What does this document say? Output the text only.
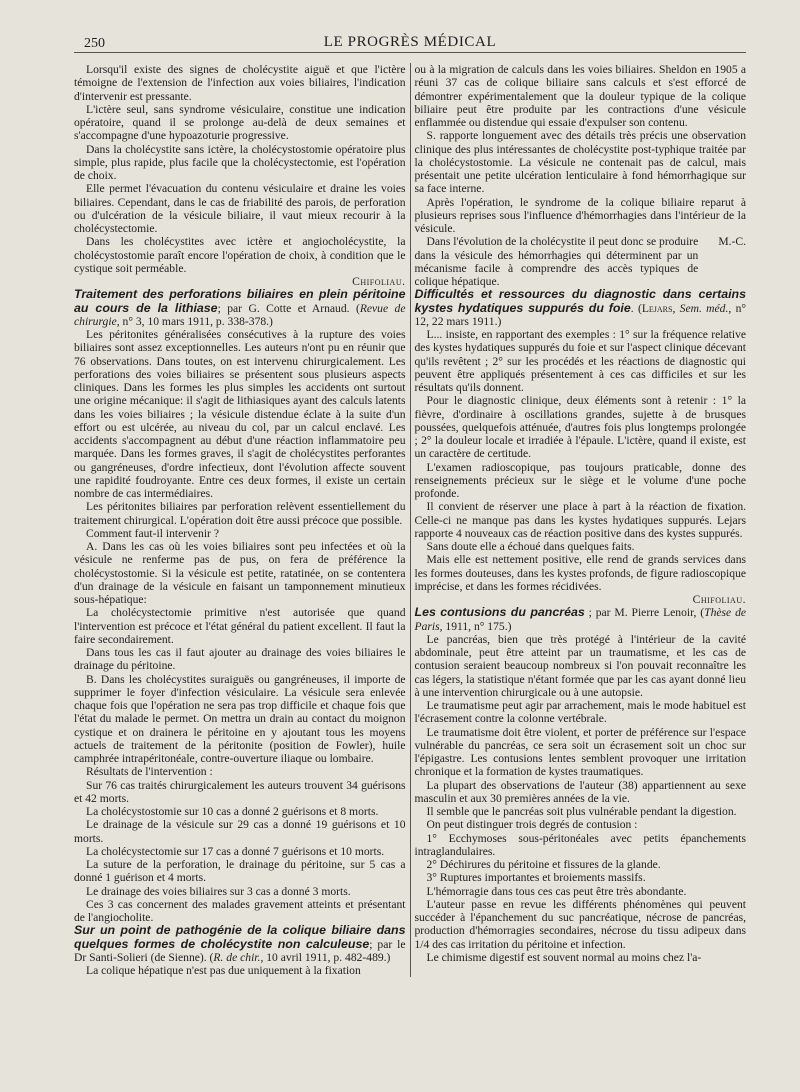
250	LE PROGRÈS MÉDICAL

Lorsqu'il existe des signes de cholécystite aiguë et que l'ictère témoigne de l'extension de l'infection aux voies biliaires, l'indication d'intervenir est pressante.

L'ictère seul, sans syndrome vésiculaire, constitue une indication opératoire, quand il se prolonge au-delà de deux semaines et s'accompagne d'une hypoazoturie progressive.

Dans la cholécystite sans ictère, la cholécystostomie opératoire plus simple, plus rapide, plus facile que la cholécystectomie, est l'opération de choix.

Elle permet l'évacuation du contenu vésiculaire et draine les voies biliaires. Cependant, dans le cas de friabilité des parois, de perforation ou d'ulcération de la vésicule biliaire, il vaut mieux recourir à la cholécystectomie.

Dans les cholécystites avec ictère et angiocholécystite, la cholécystostomie paraît encore l'opération de choix, à condition que le cystique soit perméable.

Chifoliau.

Traitement des perforations biliaires en plein péritoine au cours de la lithiase; par G. Cotte et Arnaud. (Revue de chirurgie, n° 3, 10 mars 1911, p. 338-378.)

Les péritonites généralisées consécutives à la rupture des voies biliaires sont assez exceptionnelles. Les auteurs n'ont pu en réunir que 76 observations. Dans toutes, on est intervenu chirurgicalement. Les perforations des voies biliaires se présentent sous plusieurs aspects cliniques. Dans les formes les plus simples les accidents ont surtout une origine mécanique: il s'agit de lithiasiques ayant des calculs latents dans les voies biliaires ; la vésicule distendue éclate à la suite d'un effort ou est ulcérée, au niveau du col, par un calcul enclavé. Les accidents s'accompagnent au début d'une réaction inflammatoire peu marquée. Dans les formes graves, il s'agit de cholécystites perforantes ou gangréneuses, d'ordre infectieux, dont l'évolution affecte souvent une rapidité foudroyante. Entre ces deux formes, il existe un certain nombre de cas intermédiaires.

Les péritonites biliaires par perforation relèvent essentiellement du traitement chirurgical. L'opération doit être aussi précoce que possible.

Comment faut-il intervenir ?

A. Dans les cas où les voies biliaires sont peu infectées et où la vésicule ne renferme pas de pus, on fera de préférence la cholécystostomie. Si la vésicule est petite, ratatinée, on se contentera d'un drainage de la vésicule en faisant un tamponnement minutieux sous-hépatique:

La cholécystectomie primitive n'est autorisée que quand l'intervention est précoce et l'état général du patient excellent. Il faut la faire secondairement.

Dans tous les cas il faut ajouter au drainage des voies biliaires le drainage du péritoine.

B. Dans les cholécystites suraiguës ou gangréneuses, il importe de supprimer le foyer d'infection vésiculaire. La vésicule sera enlevée chaque fois que l'opération ne sera pas trop difficile et chaque fois que l'état du malade le permet. On mettra un drain au contact du moignon cystique et on drainera le péritoine en y ajoutant tous les moyens actuels de traitement de la péritonite (position de Fowler), huile camphrée intrapéritonéale, contre-ouverture iliaque ou lombaire.

Résultats de l'intervention :

Sur 76 cas traités chirurgicalement les auteurs trouvent 34 guérisons et 42 morts.

La cholécystostomie sur 10 cas a donné 2 guérisons et 8 morts.

Le drainage de la vésicule sur 29 cas a donné 19 guérisons et 10 morts.

La cholécystectomie sur 17 cas a donné 7 guérisons et 10 morts.

La suture de la perforation, le drainage du péritoine, sur 5 cas a donné 1 guérison et 4 morts.

Le drainage des voies biliaires sur 3 cas a donné 3 morts.

Ces 3 cas concernent des malades gravement atteints et présentant de l'angiocholite.

Sur un point de pathogénie de la colique biliaire dans quelques formes de cholécystite non calculeuse; par le Dr Santi-Solieri (de Sienne). (R. de chir., 10 avril 1911, p. 482-489.)

La colique hépatique n'est pas due uniquement à la fixation

ou à la migration de calculs dans les voies biliaires. Sheldon en 1905 a réuni 37 cas de colique biliaire sans calculs et s'est efforcé de démontrer expérimentalement que la douleur typique de la colique biliaire peut être produite par les contractions d'une vésicule enflammée ou distendue qui essaie d'expulser son contenu.

S. rapporte longuement avec des détails très précis une observation clinique des plus intéressantes de cholécystite post-typhique traitée par la cholécystostomie. La vésicule ne contenait pas de calcul, mais présentait une petite ulcération lenticulaire à fond hémorrhagique sur sa face interne.

Après l'opération, le syndrome de la colique biliaire reparut à plusieurs reprises sous l'influence d'hémorrhagies dans l'intérieur de la vésicule.

Dans l'évolution de la cholécystite il peut donc se produire dans la vésicule des hémorrhagies qui déterminent par un mécanisme facile à comprendre des accès typiques de colique hépatique.
M.-C.

Difficultés et ressources du diagnostic dans certains kystes hydatiques suppurés du foie. (Lejars, Sem. méd., n° 12, 22 mars 1911.)

L... insiste, en rapportant des exemples : 1° sur la fréquence relative des kystes hydatiques suppurés du foie et sur l'aspect clinique décevant qu'ils revêtent ; 2° sur les procédés et les réactions de diagnostic qui peuvent être appliqués présentement à ces cas difficiles et sur les résultats qu'ils donnent.

Pour le diagnostic clinique, deux éléments sont à retenir : 1° la fièvre, d'ordinaire à oscillations grandes, sujette à de brusques poussées, quelquefois atténuée, d'autres fois plus longtemps prolongée ; 2° la douleur locale et irradiée à l'épaule. L'ictère, quand il existe, est un caractère de certitude.

L'examen radioscopique, pas toujours praticable, donne des renseignements précieux sur le siège et le volume d'une poche profonde.

Il convient de réserver une place à part à la réaction de fixation. Celle-ci ne manque pas dans les kystes hydatiques suppurés. Lejars rapporte 4 nouveaux cas de réaction positive dans des kystes suppurés.

Sans doute elle a échoué dans quelques faits.

Mais elle est nettement positive, elle rend de grands services dans les formes douteuses, dans les kystes profonds, de figure radioscopique imprécise, et dans les formes récidivées.

Chifoliau.

Les contusions du pancréas ; par M. Pierre Lenoir, (Thèse de Paris, 1911, n° 175.)

Le pancréas, bien que très protégé à l'intérieur de la cavité abdominale, peut être atteint par un traumatisme, et les cas de contusion seraient beaucoup nombreux si l'on pouvait reconnaître les cas légers, la statistique n'étant formée que par les cas ayant donné lieu à une intervention chirurgicale ou à une autopsie.

Le traumatisme peut agir par arrachement, mais le mode habituel est l'écrasement contre la colonne vertébrale.

Le traumatisme doit être violent, et porter de préférence sur l'espace vulnérable du pancréas, ce sera soit un écrasement soit un choc sur l'épigastre. Les contusions lentes semblent provoquer une irritation chronique et la formation de kystes traumatiques.

La plupart des observations de l'auteur (38) appartiennent au sexe masculin et aux 30 premières années de la vie.

Il semble que le pancréas soit plus vulnérable pendant la digestion.

On peut distinguer trois degrés de contusion :

1° Ecchymoses sous-péritonéales avec petits épanchements intraglandulaires.

2° Déchirures du péritoine et fissures de la glande.

3° Ruptures importantes et broiements massifs.

L'hémorragie dans tous ces cas peut être très abondante.

L'auteur passe en revue les différents phénomènes qui peuvent succéder à l'épanchement du suc pancréatique, nécrose de pancréas, production d'hémorragies secondaires, nécrose du tissu adipeux dans 1/4 des cas irritation du péritoine et infection.

Le chimisme digestif est souvent normal au moins chez l'a-
